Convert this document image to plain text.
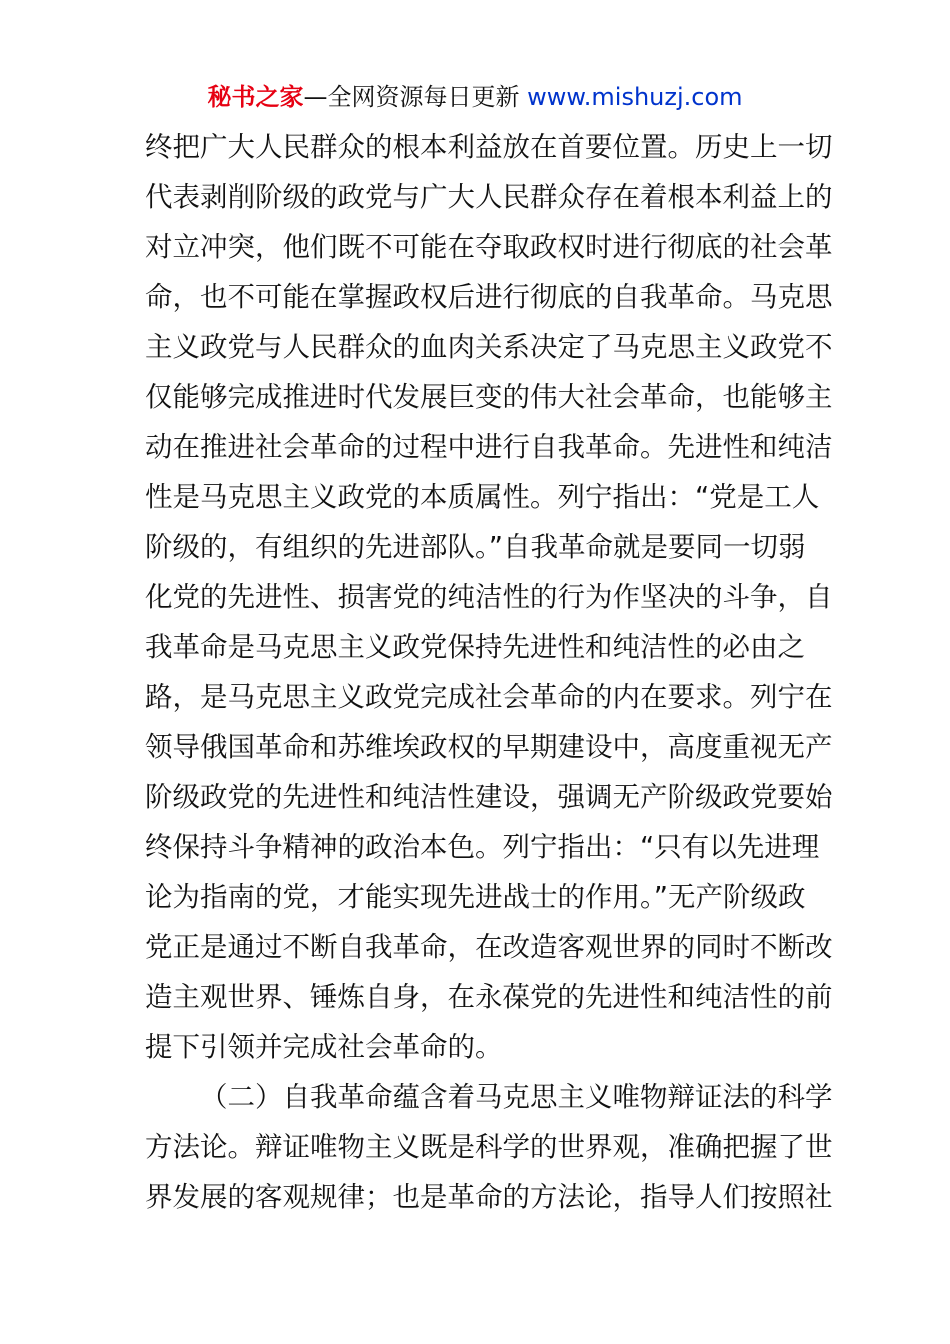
秘书之家—全网资源每日更新 www.mishuzj.com
终把广大人民群众的根本利益放在首要位置。历史上一切
代表剥削阶级的政党与广大人民群众存在着根本利益上的
对立冲突，他们既不可能在夺取政权时进行彻底的社会革
命，也不可能在掌握政权后进行彻底的自我革命。马克思
主义政党与人民群众的血肉关系决定了马克思主义政党不
仅能够完成推进时代发展巨变的伟大社会革命，也能够主
动在推进社会革命的过程中进行自我革命。先进性和纯洁
性是马克思主义政党的本质属性。列宁指出：“党是工人
阶级的，有组织的先进部队。”自我革命就是要同一切弱
化党的先进性、损害党的纯洁性的行为作坚决的斗争，自
我革命是马克思主义政党保持先进性和纯洁性的必由之
路，是马克思主义政党完成社会革命的内在要求。列宁在
领导俄国革命和苏维埃政权的早期建设中，高度重视无产
阶级政党的先进性和纯洁性建设，强调无产阶级政党要始
终保持斗争精神的政治本色。列宁指出：“只有以先进理
论为指南的党，才能实现先进战士的作用。”无产阶级政
党正是通过不断自我革命，在改造客观世界的同时不断改
造主观世界、锤炼自身，在永葆党的先进性和纯洁性的前
提下引领并完成社会革命的。
（二）自我革命蕴含着马克思主义唯物辩证法的科学
方法论。辩证唯物主义既是科学的世界观，准确把握了世
界发展的客观规律；也是革命的方法论，指导人们按照社
